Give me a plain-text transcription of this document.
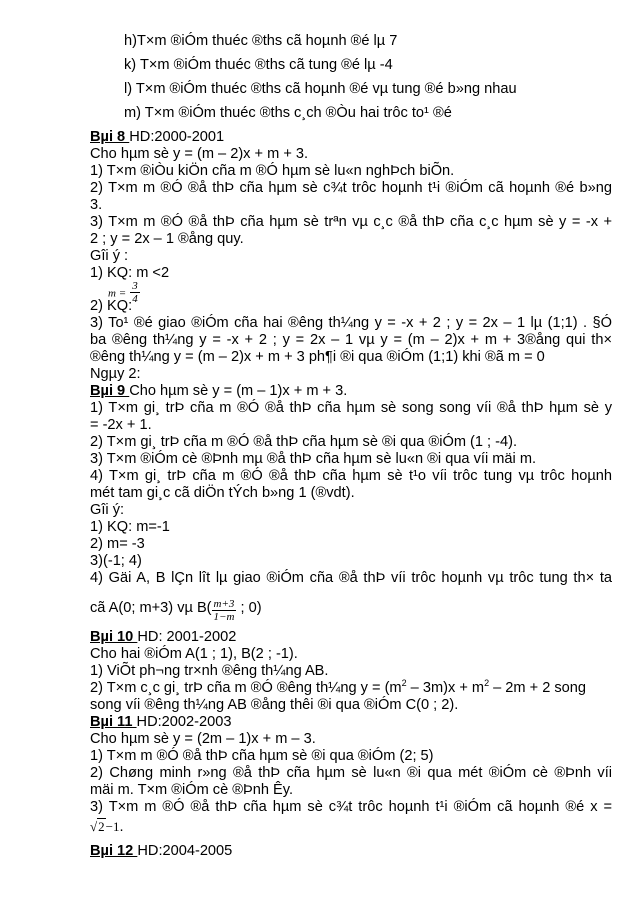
h)T×m ®iÓm thuéc ®ths cã hoµnh ®é lµ 7
k) T×m ®iÓm thuéc ®ths cã tung ®é lµ -4
l) T×m ®iÓm thuéc ®ths cã hoµnh ®é vµ tung ®é b»ng nhau
m) T×m ®iÓm thuéc ®ths c¸ch ®Òu hai trôc to¹ ®é
Bµi 8 HD:2000-2001
Cho hµm sè y = (m – 2)x + m + 3.
1) T×m ®iÒu kiÖn cña m ®Ó hµm sè lu«n nghÞch biÕn.
2) T×m m ®Ó ®å thÞ cña hµm sè c¾t trôc hoµnh t¹i ®iÓm cã hoµnh ®é b»ng
3.
3) T×m m ®Ó ®å thÞ cña hµm sè trªn vµ c¸c ®å thÞ cña c¸c hµm sè y = -x +
2 ; y = 2x – 1 ®ång quy.
Gîi ý :
1) KQ: m <2
$m = \frac{3}{4}$
2) KQ:
3) To¹ ®é giao ®iÓm cña hai ®êng th¼ng y = -x + 2 ; y = 2x – 1 lµ (1;1) . §Ó
ba ®êng th¼ng y = -x + 2 ; y = 2x – 1 vµ y = (m – 2)x + m + 3®ång qui th×
®êng th¼ng y = (m – 2)x + m + 3 ph¶i ®i qua ®iÓm (1;1) khi ®ã m = 0
Ngµy 2:
Bµi 9 Cho hµm sè y = (m – 1)x + m + 3.
1) T×m gi¸ trÞ cña m ®Ó ®å thÞ cña hµm sè song song víi ®å thÞ hµm sè y
= -2x + 1.
2) T×m gi¸ trÞ cña m ®Ó ®å thÞ cña hµm sè ®i qua ®iÓm (1 ; -4).
3) T×m ®iÓm cè ®Þnh mµ ®å thÞ cña hµm sè lu«n ®i qua víi mäi m.
4) T×m gi¸ trÞ cña m ®Ó ®å thÞ cña hµm sè t¹o víi trôc tung vµ trôc hoµnh
mét tam gi¸c cã diÖn tÝch b»ng 1 (®vdt).
Gîi ý:
1) KQ: m=-1
2) m= -3
3)(-1; 4)
4) Gäi A, B lÇn lît lµ giao ®iÓm cña ®å thÞ víi trôc hoµnh vµ trôc tung th× ta
cã A(0; m+3) vµ $B( \frac{m+3}{1-m}$ ; 0)
Bµi 10 HD: 2001-2002
Cho hai ®iÓm A(1 ; 1), B(2 ; -1).
1) ViÕt ph¬ng tr×nh ®êng th¼ng AB.
2) T×m c¸c gi¸ trÞ cña m ®Ó ®êng th¼ng $y = (m^2 - 3m)x + m^2 - 2m + 2$ song
song víi ®êng th¼ng AB ®ång thêi ®i qua ®iÓm C(0 ; 2).
Bµi 11 HD:2002-2003
Cho hµm sè y = (2m – 1)x + m – 3.
1) T×m m ®Ó ®å thÞ cña hµm sè ®i qua ®iÓm (2; 5)
2) Chøng minh r»ng ®å thÞ cña hµm sè lu«n ®i qua mét ®iÓm cè ®Þnh víi
mäi m. T×m ®iÓm cè ®Þnh Êy.
3) T×m m ®Ó ®å thÞ cña hµm sè c¾t trôc hoµnh t¹i ®iÓm cã hoµnh ®é x =
√2−1.
Bµi 12 HD:2004-2005
